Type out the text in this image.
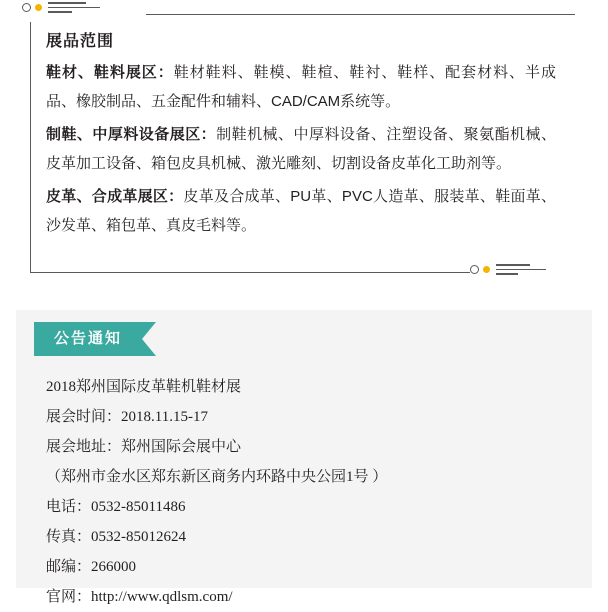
展品范围

鞋材、鞋料展区：鞋材鞋料、鞋模、鞋楦、鞋衬、鞋样、配套材料、半成品、橡胶制品、五金配件和辅料、CAD/CAM系统等。

制鞋、中厚料设备展区：制鞋机械、中厚料设备、注塑设备、聚氨酯机械、皮革加工设备、箱包皮具机械、激光雕刻、切割设备皮革化工助剂等。

皮革、合成革展区：皮革及合成革、PU革、PVC人造革、服装革、鞋面革、沙发革、箱包革、真皮毛料等。

公告通知
2018郑州国际皮革鞋机鞋材展
展会时间：2018.11.15-17
展会地址：郑州国际会展中心
（郑州市金水区郑东新区商务内环路中央公园1号 ）
电话：0532-85011486
传真：0532-85012624
邮编：266000
官网：http://www.qdlsm.com/
